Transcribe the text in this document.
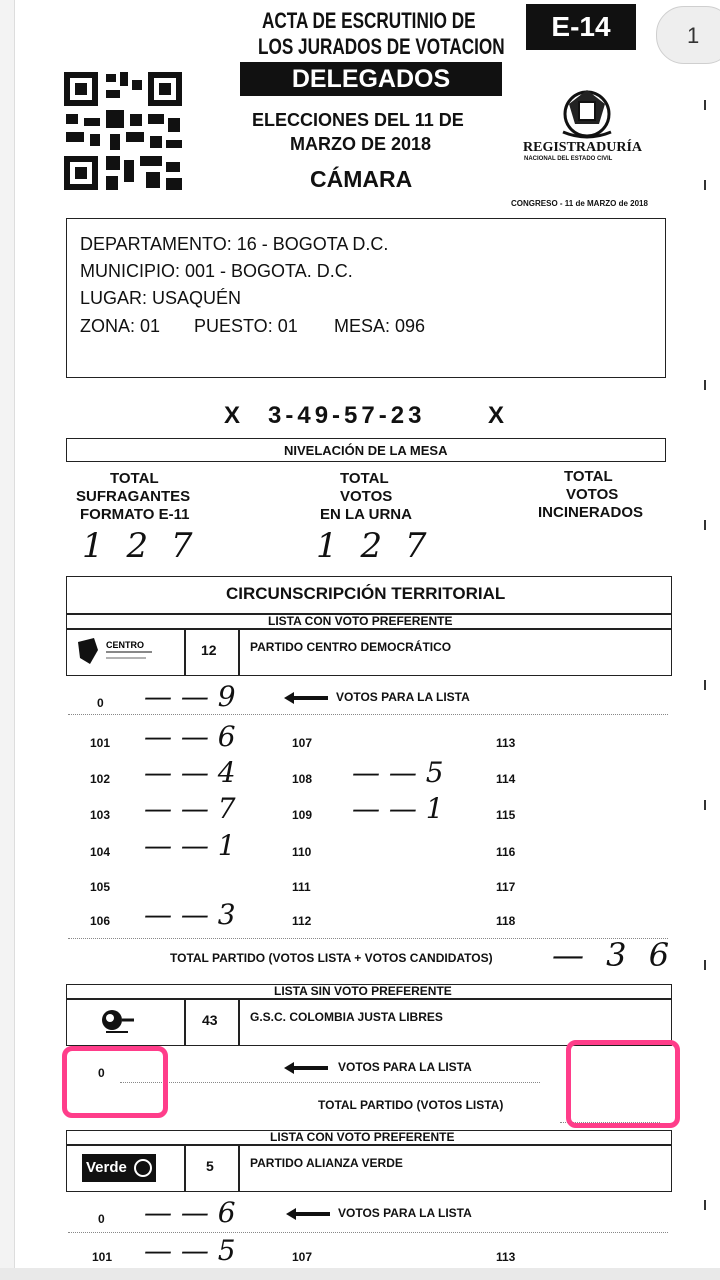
ACTA DE ESCRUTINIO DE
LOS JURADOS DE VOTACION
E-14	1
DELEGADOS
ELECCIONES DEL 11 DE
MARZO DE 2018
CÁMARA
REGISTRADURÍA
NACIONAL DEL ESTADO CIVIL
CONGRESO - 11 de MARZO de 2018
DEPARTAMENTO: 16 - BOGOTA D.C.
MUNICIPIO: 001 - BOGOTA. D.C.
LUGAR: USAQUÉN
ZONA: 01 PUESTO: 01 MESA: 096
X 3-49-57-23	X
NIVELACIÓN DE LA MESA
TOTAL
SUFRAGANTES
FORMATO E-11
TOTAL
VOTOS
EN LA URNA
TOTAL
VOTOS
INCINERADOS
1 2 7	1 2 7
CIRCUNSCRIPCIÓN TERRITORIAL
LISTA CON VOTO PREFERENTE
CENTRO	12	PARTIDO CENTRO DEMOCRÁTICO
0 — — 9	VOTOS PARA LA LISTA
101 — — 6	107	113
102 — — 4	108 — — 5	114
103 — — 7	109 — — 1	115
104 — — 1	110	116
105	111	117
106 — — 3	112	118
TOTAL PARTIDO (VOTOS LISTA + VOTOS CANDIDATOS) — 3 6
LISTA SIN VOTO PREFERENTE
43	G.S.C. COLOMBIA JUSTA LIBRES
0	VOTOS PARA LA LISTA
TOTAL PARTIDO (VOTOS LISTA)
LISTA CON VOTO PREFERENTE
Verde	5	PARTIDO ALIANZA VERDE
0 — — 6	VOTOS PARA LA LISTA
101 — — 5	107	113
